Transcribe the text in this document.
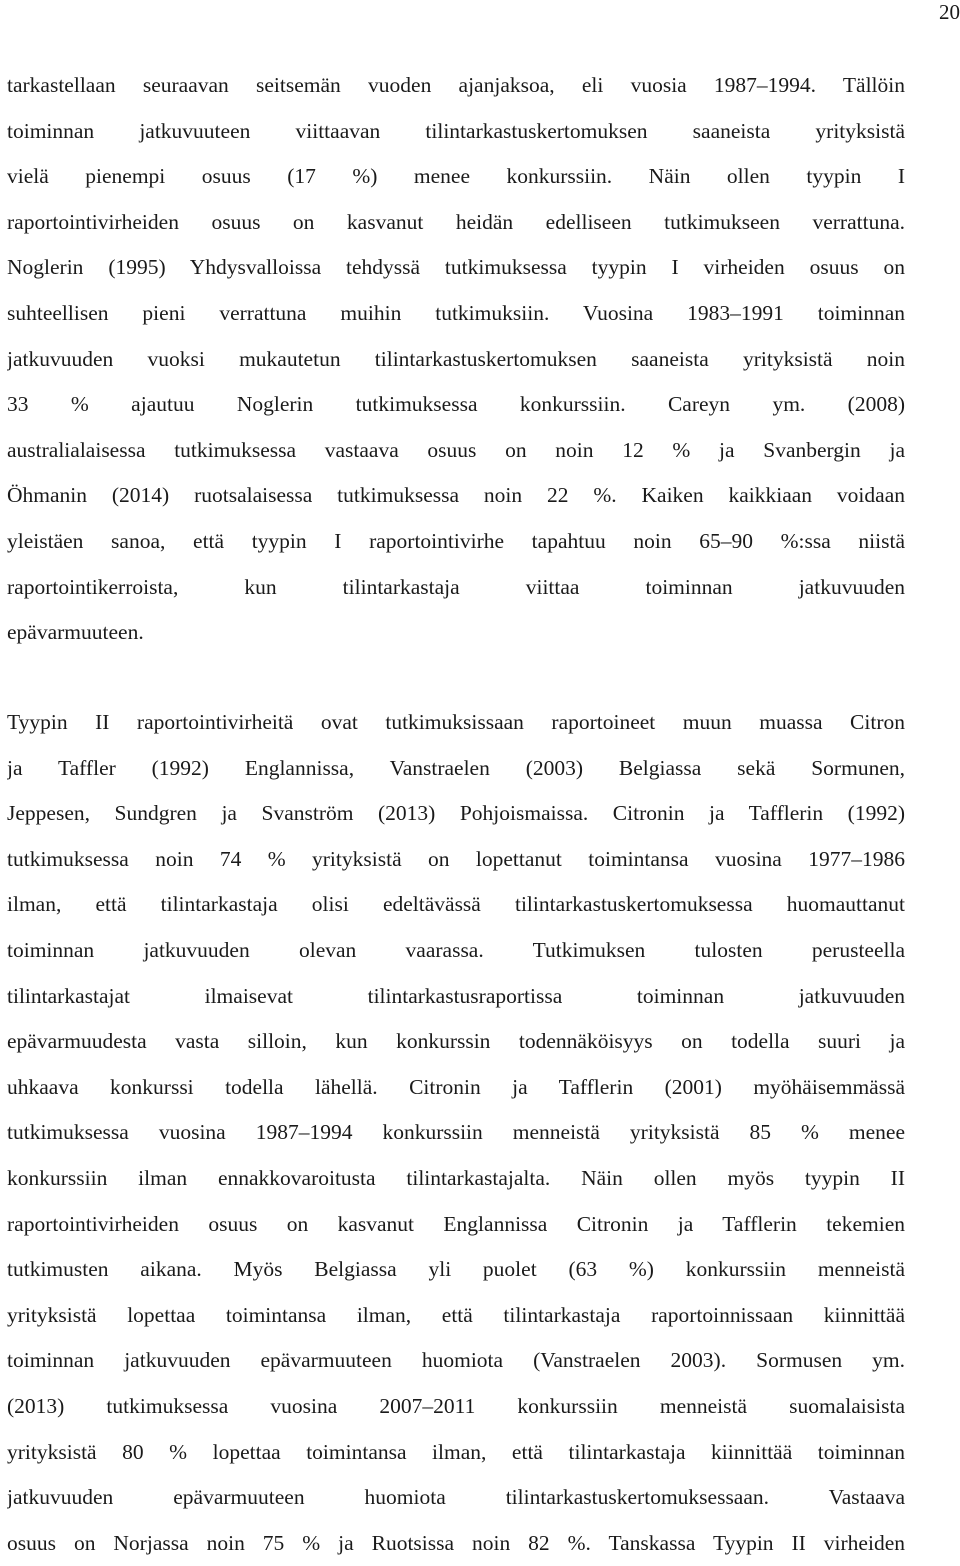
20
tarkastellaan seuraavan seitsemän vuoden ajanjaksoa, eli vuosia 1987–1994. Tällöin
toiminnan jatkuvuuteen viittaavan tilintarkastuskertomuksen saaneista yrityksistä
vielä pienempi osuus (17 %) menee konkurssiin. Näin ollen tyypin I
raportointivirheiden osuus on kasvanut heidän edelliseen tutkimukseen verrattuna.
Noglerin (1995) Yhdysvalloissa tehdyssä tutkimuksessa tyypin I virheiden osuus on
suhteellisen pieni verrattuna muihin tutkimuksiin. Vuosina 1983–1991 toiminnan
jatkuvuuden vuoksi mukautetun tilintarkastuskertomuksen saaneista yrityksistä noin
33 % ajautuu Noglerin tutkimuksessa konkurssiin. Careyn ym. (2008)
australialaisessa tutkimuksessa vastaava osuus on noin 12 % ja Svanbergin ja
Öhmanin (2014) ruotsalaisessa tutkimuksessa noin 22 %. Kaiken kaikkiaan voidaan
yleistäen sanoa, että tyypin I raportointivirhe tapahtuu noin 65–90 %:ssa niistä
raportointikerroista, kun tilintarkastaja viittaa toiminnan jatkuvuuden
epävarmuuteen.
Tyypin II raportointivirheitä ovat tutkimuksissaan raportoineet muun muassa Citron
ja Taffler (1992) Englannissa, Vanstraelen (2003) Belgiassa sekä Sormunen,
Jeppesen, Sundgren ja Svanström (2013) Pohjoismaissa. Citronin ja Tafflerin (1992)
tutkimuksessa noin 74 % yrityksistä on lopettanut toimintansa vuosina 1977–1986
ilman, että tilintarkastaja olisi edeltävässä tilintarkastuskertomuksessa huomauttanut
toiminnan jatkuvuuden olevan vaarassa. Tutkimuksen tulosten perusteella
tilintarkastajat ilmaisevat tilintarkastusraportissa toiminnan jatkuvuuden
epävarmuudesta vasta silloin, kun konkurssin todennäköisyys on todella suuri ja
uhkaava konkurssi todella lähellä. Citronin ja Tafflerin (2001) myöhäisemmässä
tutkimuksessa vuosina 1987–1994 konkurssiin menneistä yrityksistä 85 % menee
konkurssiin ilman ennakkovaroitusta tilintarkastajalta. Näin ollen myös tyypin II
raportointivirheiden osuus on kasvanut Englannissa Citronin ja Tafflerin tekemien
tutkimusten aikana. Myös Belgiassa yli puolet (63 %) konkurssiin menneistä
yrityksistä lopettaa toimintansa ilman, että tilintarkastaja raportoinnissaan kiinnittää
toiminnan jatkuvuuden epävarmuuteen huomiota (Vanstraelen 2003). Sormusen ym.
(2013) tutkimuksessa vuosina 2007–2011 konkurssiin menneistä suomalaisista
yrityksistä 80 % lopettaa toimintansa ilman, että tilintarkastaja kiinnittää toiminnan
jatkuvuuden epävarmuuteen huomiota tilintarkastuskertomuksessaan. Vastaava
osuus on Norjassa noin 75 % ja Ruotsissa noin 82 %. Tanskassa Tyypin II virheiden
